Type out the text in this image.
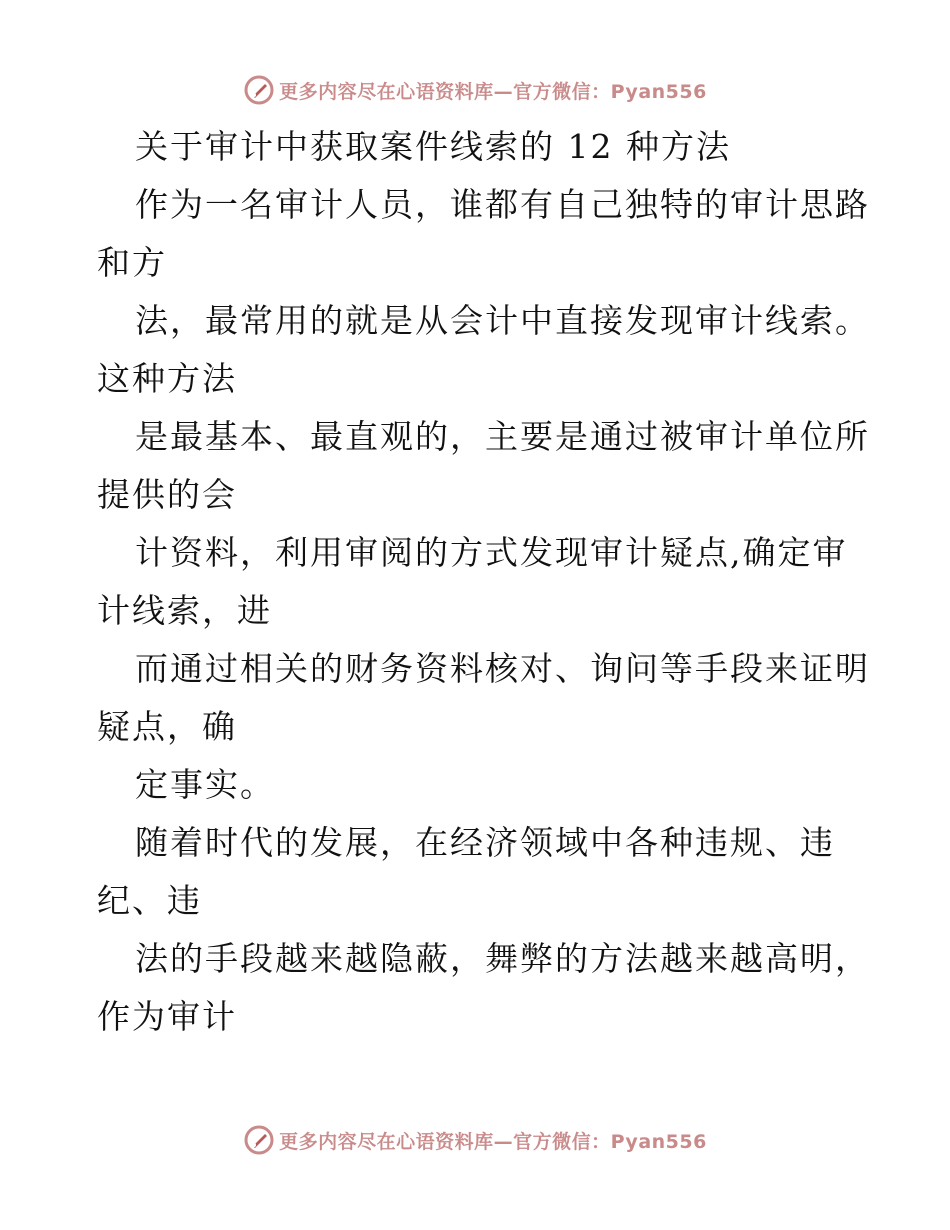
更多内容尽在心语资料库—官方微信：Pyan556
关于审计中获取案件线索的 12 种方法
作为一名审计人员，谁都有自己独特的审计思路
和方
法，最常用的就是从会计中直接发现审计线索。
这种方法
是最基本、最直观的，主要是通过被审计单位所
提供的会
计资料，利用审阅的方式发现审计疑点,确定审
计线索，进
而通过相关的财务资料核对、询问等手段来证明
疑点，确
定事实。
随着时代的发展，在经济领域中各种违规、违
纪、违
法的手段越来越隐蔽，舞弊的方法越来越高明，
作为审计
更多内容尽在心语资料库—官方微信：Pyan556
